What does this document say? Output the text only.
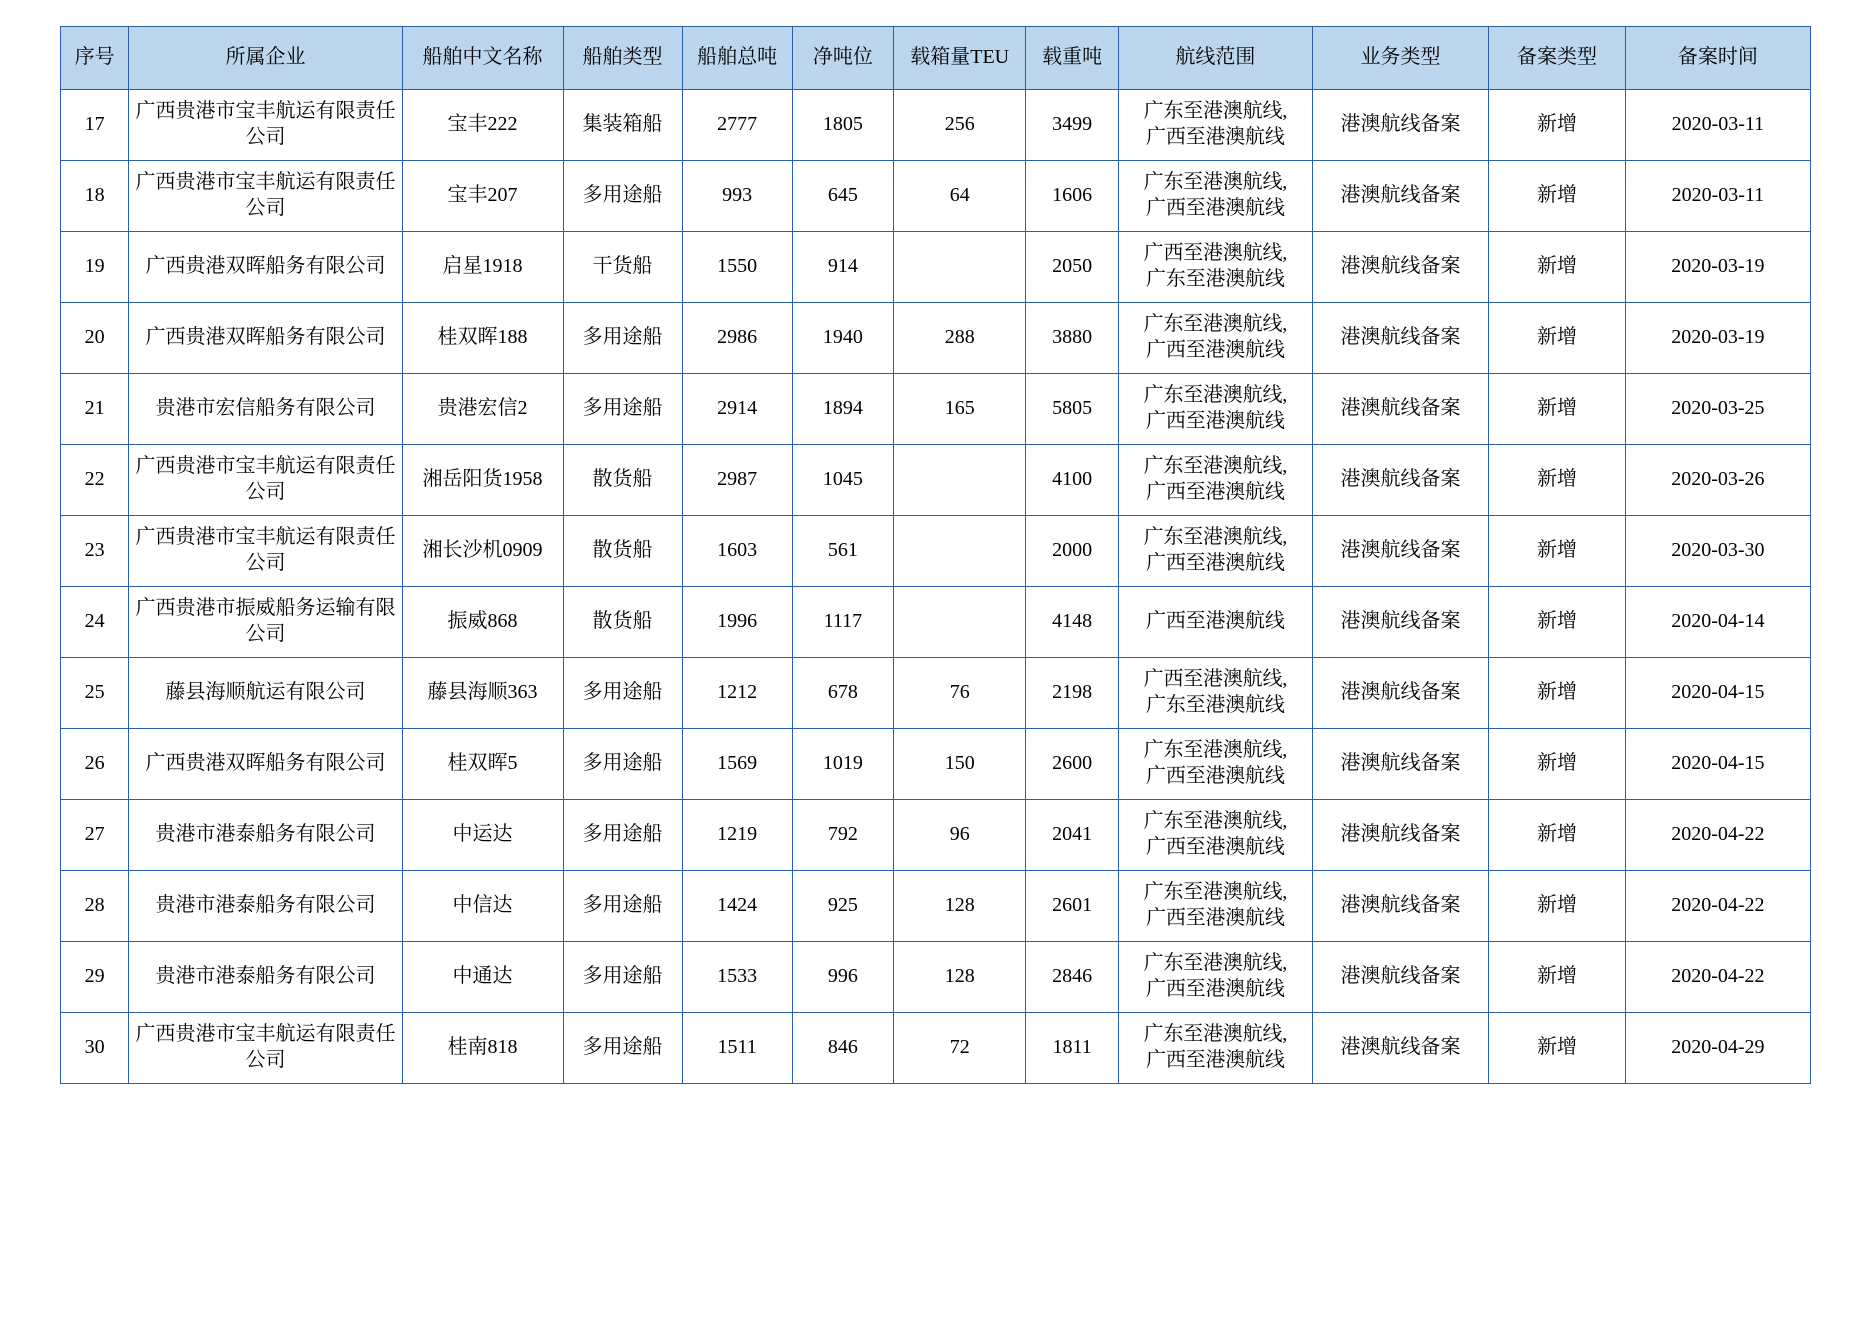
序号	所属企业	船舶中文名称	船舶类型	船舶总吨	净吨位	载箱量TEU	载重吨	航线范围	业务类型	备案类型	备案时间
17	广西贵港市宝丰航运有限责任公司	宝丰222	集装箱船	2777	1805	256	3499	广东至港澳航线,
广西至港澳航线	港澳航线备案	新增	2020-03-11
18	广西贵港市宝丰航运有限责任公司	宝丰207	多用途船	993	645	64	1606	广东至港澳航线,
广西至港澳航线	港澳航线备案	新增	2020-03-11
19	广西贵港双晖船务有限公司	启星1918	干货船	1550	914		2050	广西至港澳航线,
广东至港澳航线	港澳航线备案	新增	2020-03-19
20	广西贵港双晖船务有限公司	桂双晖188	多用途船	2986	1940	288	3880	广东至港澳航线,
广西至港澳航线	港澳航线备案	新增	2020-03-19
21	贵港市宏信船务有限公司	贵港宏信2	多用途船	2914	1894	165	5805	广东至港澳航线,
广西至港澳航线	港澳航线备案	新增	2020-03-25
22	广西贵港市宝丰航运有限责任公司	湘岳阳货1958	散货船	2987	1045		4100	广东至港澳航线,
广西至港澳航线	港澳航线备案	新增	2020-03-26
23	广西贵港市宝丰航运有限责任公司	湘长沙机0909	散货船	1603	561		2000	广东至港澳航线,
广西至港澳航线	港澳航线备案	新增	2020-03-30
24	广西贵港市振威船务运输有限公司	振威868	散货船	1996	1117		4148	广西至港澳航线	港澳航线备案	新增	2020-04-14
25	藤县海顺航运有限公司	藤县海顺363	多用途船	1212	678	76	2198	广西至港澳航线,
广东至港澳航线	港澳航线备案	新增	2020-04-15
26	广西贵港双晖船务有限公司	桂双晖5	多用途船	1569	1019	150	2600	广东至港澳航线,
广西至港澳航线	港澳航线备案	新增	2020-04-15
27	贵港市港泰船务有限公司	中运达	多用途船	1219	792	96	2041	广东至港澳航线,
广西至港澳航线	港澳航线备案	新增	2020-04-22
28	贵港市港泰船务有限公司	中信达	多用途船	1424	925	128	2601	广东至港澳航线,
广西至港澳航线	港澳航线备案	新增	2020-04-22
29	贵港市港泰船务有限公司	中通达	多用途船	1533	996	128	2846	广东至港澳航线,
广西至港澳航线	港澳航线备案	新增	2020-04-22
30	广西贵港市宝丰航运有限责任公司	桂南818	多用途船	1511	846	72	1811	广东至港澳航线,
广西至港澳航线	港澳航线备案	新增	2020-04-29
